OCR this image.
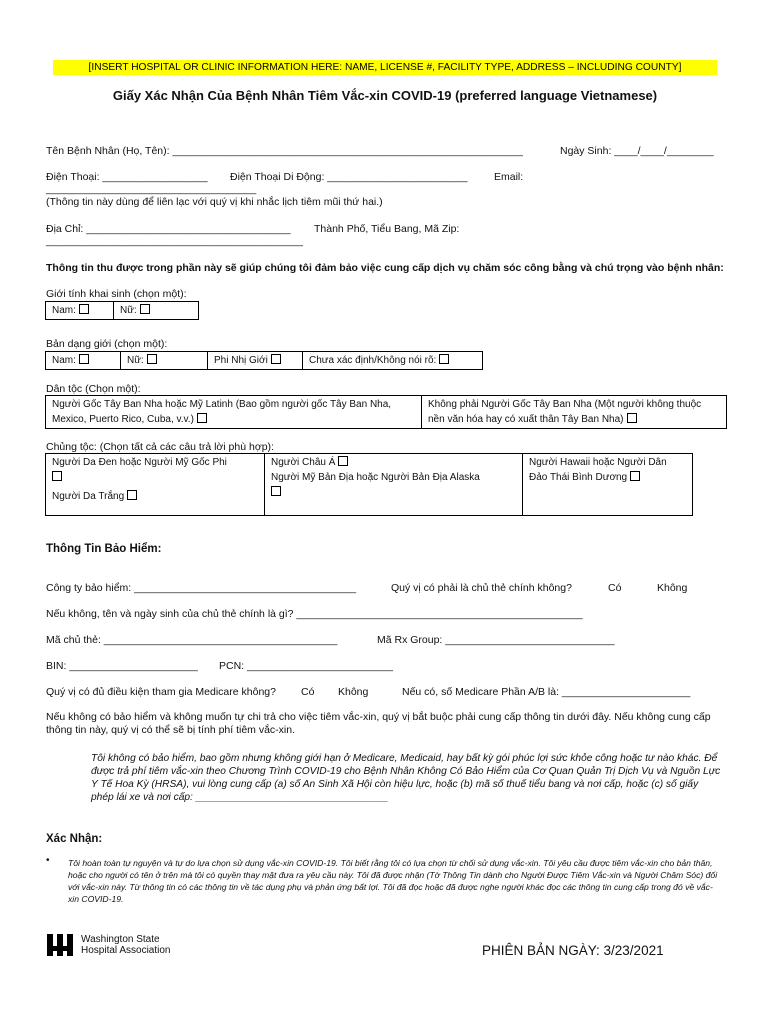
[INSERT HOSPITAL OR CLINIC INFORMATION HERE: NAME, LICENSE #, FACILITY TYPE, ADDRESS – INCLUDING COUNTY]
Giấy Xác Nhận Của Bệnh Nhân Tiêm Vắc-xin COVID-19 (preferred language Vietnamese)
Tên Bệnh Nhân (Họ, Tên): ____________________________________________________________	Ngày Sinh: ____/____/________
Điện Thoại: __________________ Điện Thoại Di Động: ________________________	Email:
____________________________________
(Thông tin này dùng để liên lạc với quý vị khi nhắc lịch tiêm mũi thứ hai.)
Địa Chỉ: ___________________________________ Thành Phố, Tiểu Bang, Mã Zip:
____________________________________________
Thông tin thu được trong phần này sẽ giúp chúng tôi đảm bảo việc cung cấp dịch vụ chăm sóc công bằng và chú trọng vào bệnh nhân:
Giới tính khai sinh (chọn một):
Nam:	Nữ:
Bản dạng giới (chọn một):
Nam:	Nữ:	Phi Nhị Giới	Chưa xác định/Không nói rõ:
Dân tộc (Chọn một):
Người Gốc Tây Ban Nha hoặc Mỹ Latinh (Bao gồm người gốc Tây Ban Nha, Mexico, Puerto Rico, Cuba, v.v.)	Không phải Người Gốc Tây Ban Nha (Một người không thuộc nền văn hóa hay có xuất thân Tây Ban Nha)
Chủng tộc: (Chọn tất cả các câu trả lời phù hợp):
Người Da Đen hoặc Người Mỹ Gốc Phi

Người Da Trắng

Người Châu Á
Người Mỹ Bản Địa hoặc Người Bản Địa Alaska

	Người Hawaii hoặc Người Dân Đảo Thái Bình Dương
Thông Tin Bảo Hiểm:
Công ty bảo hiểm: ______________________________________	Quý vị có phải là chủ thẻ chính không?	Có	Không
Nếu không, tên và ngày sinh của chủ thẻ chính là gì? _________________________________________________
Mã chủ thẻ: ________________________________________	Mã Rx Group: _____________________________
BIN: ______________________ PCN: _________________________
Quý vị có đủ điều kiện tham gia Medicare không? Có Không	Nếu có, số Medicare Phần A/B là: ______________________
Nếu không có bảo hiểm và không muốn tự chi trả cho việc tiêm vắc-xin, quý vị bắt buộc phải cung cấp thông tin dưới đây. Nếu không cung cấp thông tin này, quý vị có thể sẽ bị tính phí tiêm vắc-xin.
Tôi không có bảo hiểm, bao gồm nhưng không giới hạn ở Medicare, Medicaid, hay bất kỳ gói phúc lợi sức khỏe công hoặc tư nào khác. Để được trả phí tiêm vắc-xin theo Chương Trình COVID-19 cho Bệnh Nhân Không Có Bảo Hiểm của Cơ Quan Quản Trị Dịch Vụ và Nguồn Lực Y Tế Hoa Kỳ (HRSA), vui lòng cung cấp (a) số An Sinh Xã Hội còn hiệu lực, hoặc (b) mã số thuế tiểu bang và nơi cấp, hoặc (c) số giấy phép lái xe và nơi cấp: __________________________________
Xác Nhận:
• Tôi hoàn toàn tự nguyện và tự do lựa chọn sử dụng vắc-xin COVID-19. Tôi biết rằng tôi có lựa chọn từ chối sử dụng vắc-xin. Tôi yêu cầu được tiêm vắc-xin cho bản thân, hoặc cho người có tên ở trên mà tôi có quyền thay mặt đưa ra yêu cầu này. Tôi đã được nhận (Tờ Thông Tin dành cho Người Được Tiêm Vắc-xin và Người Chăm Sóc) đối với vắc-xin này. Từ thông tin có các thông tin về tác dụng phụ và phản ứng bất lợi. Tôi đã đọc hoặc đã được nghe người khác đọc các thông tin cung cấp trong đó về vắc-xin COVID-19.
Washington State
Hospital Association	PHIÊN BẢN NGÀY: 3/23/2021
